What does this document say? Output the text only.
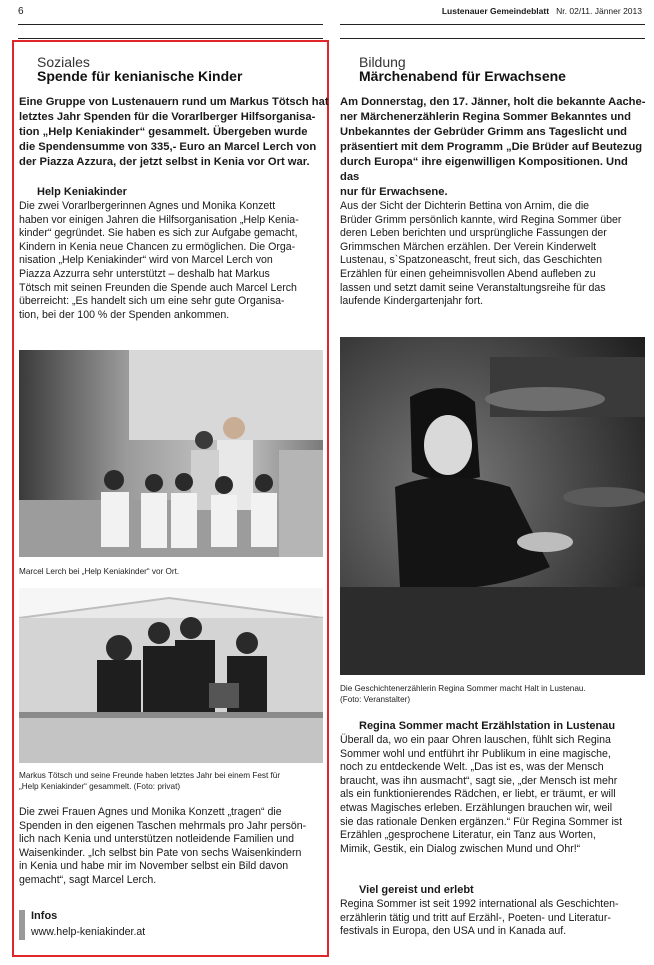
6	Lustenauer Gemeindeblatt Nr. 02/11. Jänner 2013
Soziales
Spende für kenianische Kinder
Eine Gruppe von Lustenauern rund um Markus Tötsch hat
letztes Jahr Spenden für die Vorarlberger Hilfsorganisa-
tion „Help Keniakinder“ gesammelt. Übergeben wurde
die Spendensumme von 335,- Euro an Marcel Lerch von
der Piazza Azzura, der jetzt selbst in Kenia vor Ort war.
Help Keniakinder
Die zwei Vorarlbergerinnen Agnes und Monika Konzett
haben vor einigen Jahren die Hilfsorganisation „Help Kenia-
kinder“ gegründet. Sie haben es sich zur Aufgabe gemacht,
Kindern in Kenia neue Chancen zu ermöglichen. Die Orga-
nisation „Help Keniakinder“ wird von Marcel Lerch von
Piazza Azzurra sehr unterstützt – deshalb hat Markus
Tötsch mit seinen Freunden die Spende auch Marcel Lerch
überreicht: „Es handelt sich um eine sehr gute Organisa-
tion, bei der 100 % der Spenden ankommen.
Marcel Lerch bei „Help Keniakinder“ vor Ort.
Markus Tötsch und seine Freunde haben letztes Jahr bei einem Fest für
„Help Keniakinder“ gesammelt. (Foto: privat)
Die zwei Frauen Agnes und Monika Konzett „tragen“ die
Spenden in den eigenen Taschen mehrmals pro Jahr persön-
lich nach Kenia und unterstützen notleidende Familien und
Waisenkinder. „Ich selbst bin Pate von sechs Waisenkindern
in Kenia und habe mir im November selbst ein Bild davon
gemacht“, sagt Marcel Lerch.
Infos
www.help-keniakinder.at
Bildung
Märchenabend für Erwachsene
Am Donnerstag, den 17. Jänner, holt die bekannte Aache-
ner Märchenerzählerin Regina Sommer Bekanntes und
Unbekanntes der Gebrüder Grimm ans Tageslicht und
präsentiert mit dem Programm „Die Brüder auf Beutezug
durch Europa“ ihre eigenwilligen Kompositionen. Und das
nur für Erwachsene.
Aus der Sicht der Dichterin Bettina von Arnim, die die
Brüder Grimm persönlich kannte, wird Regina Sommer über
deren Leben berichten und ursprüngliche Fassungen der
Grimmschen Märchen erzählen. Der Verein Kinderwelt
Lustenau, s`Spatzoneascht, freut sich, das Geschichten
Erzählen für einen geheimnisvollen Abend aufleben zu
lassen und setzt damit seine Veranstaltungsreihe für das
laufende Kindergartenjahr fort.
Die Geschichtenerzählerin Regina Sommer macht Halt in Lustenau.
(Foto: Veranstalter)
Regina Sommer macht Erzählstation in Lustenau
Überall da, wo ein paar Ohren lauschen, fühlt sich Regina
Sommer wohl und entführt ihr Publikum in eine magische,
noch zu entdeckende Welt. „Das ist es, was der Mensch
braucht, was ihn ausmacht“, sagt sie, „der Mensch ist mehr
als ein funktionierendes Rädchen, er liebt, er träumt, er will
etwas Magisches erleben. Erzählungen brauchen wir, weil
sie das rationale Denken ergänzen.“ Für Regina Sommer ist
Erzählen „gesprochene Literatur, ein Tanz aus Worten,
Mimik, Gestik, ein Dialog zwischen Mund und Ohr!“
Viel gereist und erlebt
Regina Sommer ist seit 1992 international als Geschichten-
erzählerin tätig und tritt auf Erzähl-, Poeten- und Literatur-
festivals in Europa, den USA und in Kanada auf.
